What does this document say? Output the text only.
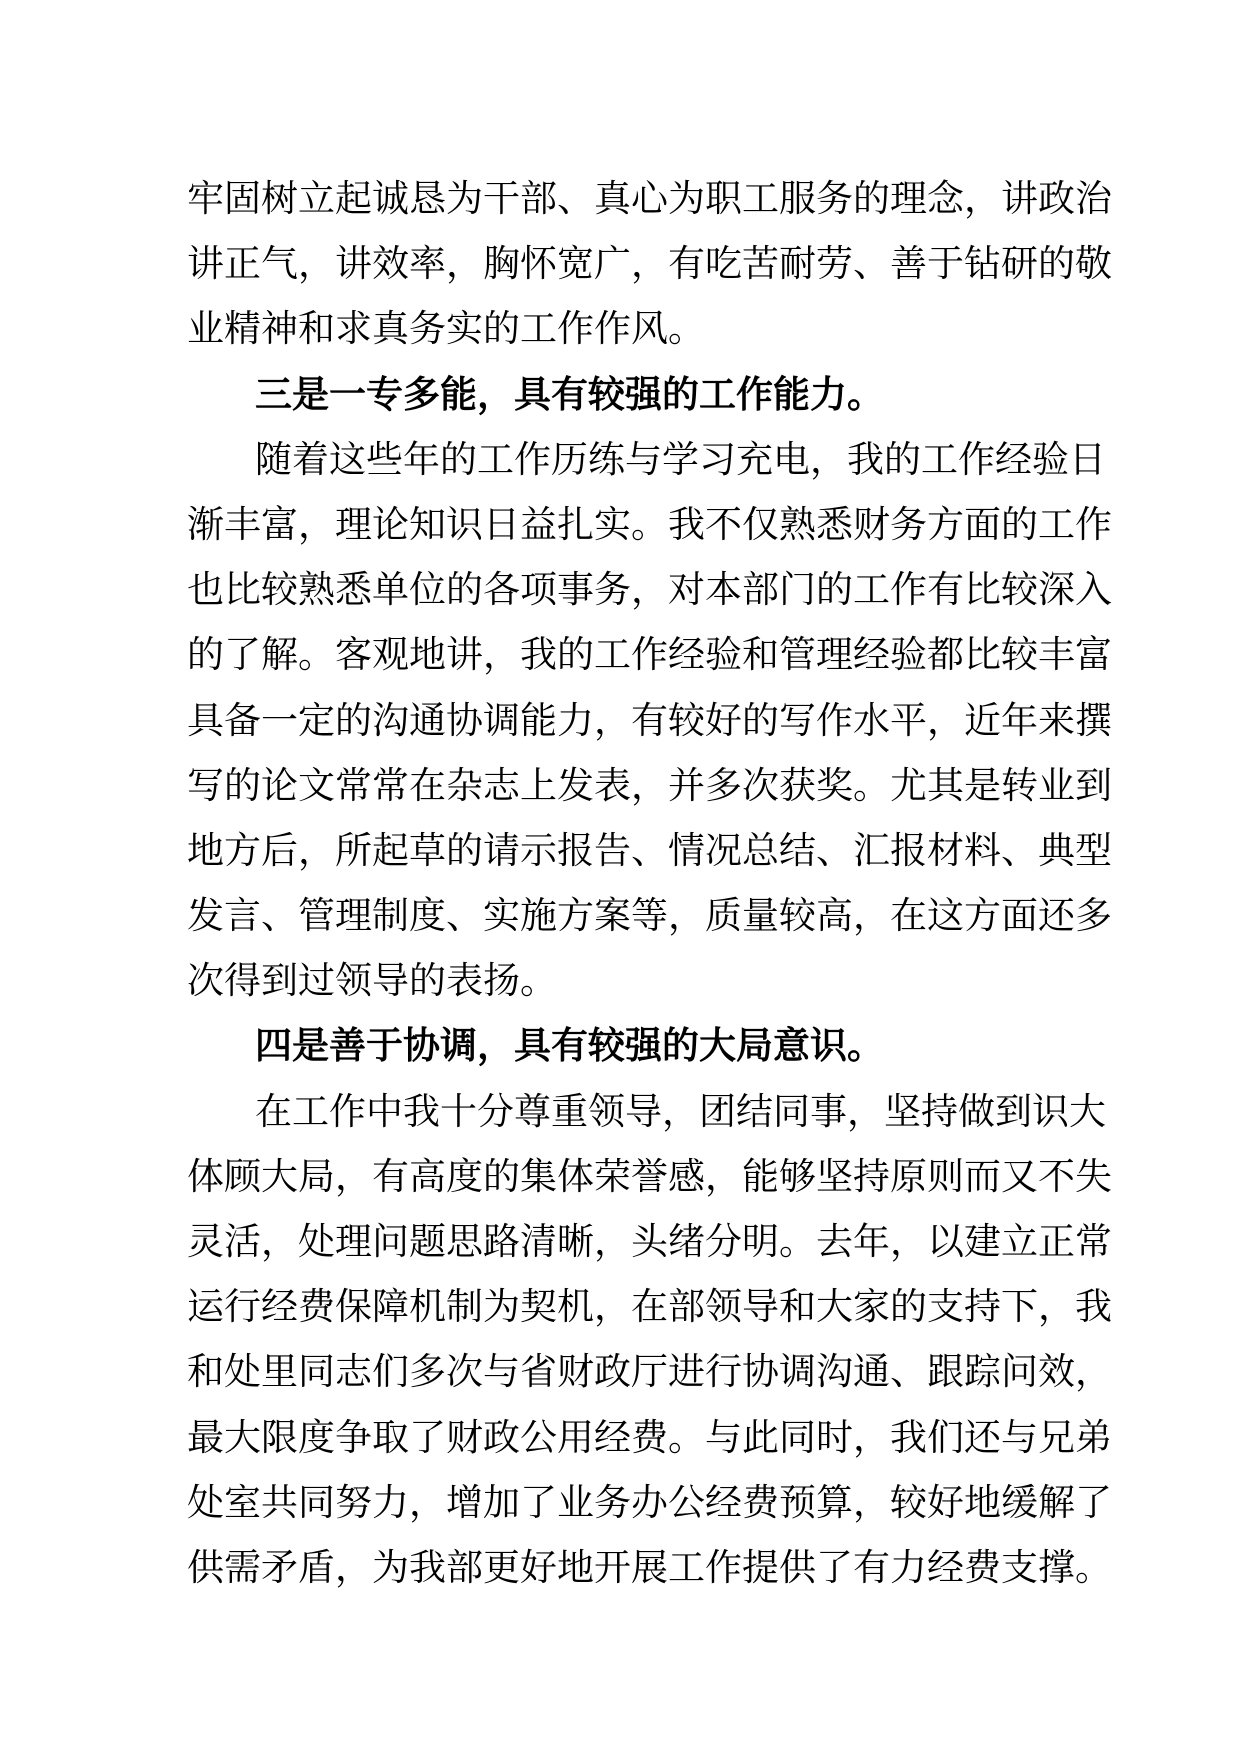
牢固树立起诚恳为干部、真心为职工服务的理念，讲政治
讲正气，讲效率，胸怀宽广，有吃苦耐劳、善于钻研的敬
业精神和求真务实的工作作风。
三是一专多能，具有较强的工作能力。
随着这些年的工作历练与学习充电，我的工作经验日
渐丰富，理论知识日益扎实。我不仅熟悉财务方面的工作
也比较熟悉单位的各项事务，对本部门的工作有比较深入
的了解。客观地讲，我的工作经验和管理经验都比较丰富
具备一定的沟通协调能力，有较好的写作水平，近年来撰
写的论文常常在杂志上发表，并多次获奖。尤其是转业到
地方后，所起草的请示报告、情况总结、汇报材料、典型
发言、管理制度、实施方案等，质量较高，在这方面还多
次得到过领导的表扬。
四是善于协调，具有较强的大局意识。
在工作中我十分尊重领导，团结同事，坚持做到识大
体顾大局，有高度的集体荣誉感，能够坚持原则而又不失
灵活，处理问题思路清晰，头绪分明。去年，以建立正常
运行经费保障机制为契机，在部领导和大家的支持下，我
和处里同志们多次与省财政厅进行协调沟通、跟踪问效，
最大限度争取了财政公用经费。与此同时，我们还与兄弟
处室共同努力，增加了业务办公经费预算，较好地缓解了
供需矛盾，为我部更好地开展工作提供了有力经费支撑。
